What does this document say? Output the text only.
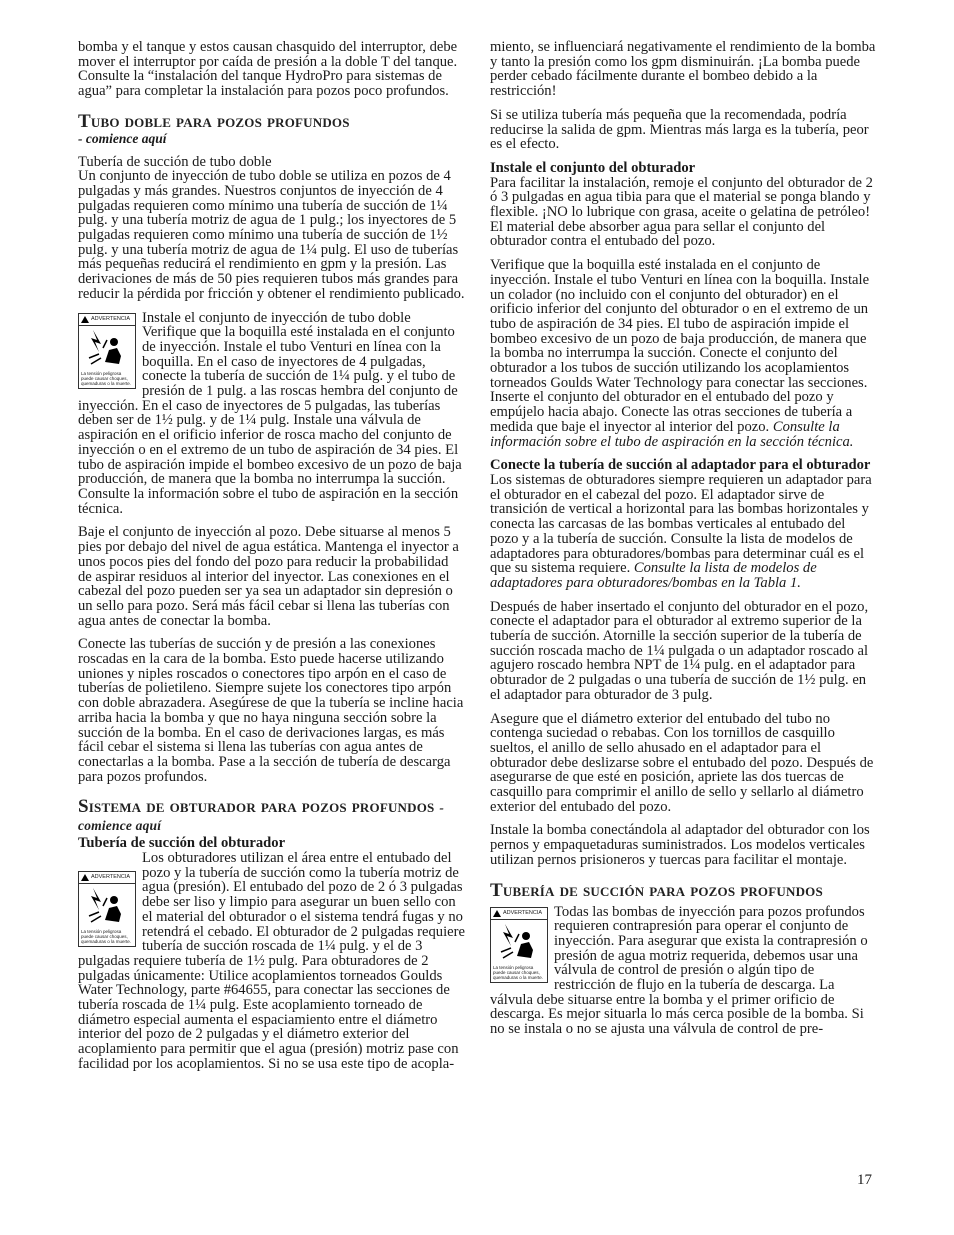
bomba y el tanque y estos causan chasquido del interruptor, debe mover el interruptor por caída de presión a la doble T del tanque. Consulte la “instalación del tanque HydroPro para sistemas de agua” para completar la instalación para pozos poco profundos.

Tubo doble para pozos profundos
- comience aquí

Tubería de succión de tubo doble

Un conjunto de inyección de tubo doble se utiliza en pozos de 4 pulgadas y más grandes. Nuestros conjuntos de inyección de 4 pulgadas requieren como mínimo una tubería de succión de 1¼ pulg. y una tubería motriz de agua de 1 pulg.; los inyectores de 5 pulgadas requieren como mínimo una tubería de succión de 1½ pulg. y una tubería motriz de agua de 1¼ pulg. El uso de tuberías más pequeñas reducirá el rendimiento en gpm y la presión. Las derivaciones de más de 50 pies requieren tubos más grandes para reducir la pérdida por fricción y obtener el rendimiento publicado.

ADVERTENCIA
La tensión peligrosa puede causar choques, quemaduras o la muerte.

Instale el conjunto de inyección de tubo doble Verifique que la boquilla esté instalada en el conjunto de inyección. Instale el tubo Venturi en línea con la boquilla. En el caso de inyectores de 4 pulgadas, conecte la tubería de succión de 1¼ pulg. y el tubo de presión de 1 pulg. a las roscas hembra del conjunto de inyección. En el caso de inyectores de 5 pulgadas, las tuberías deben ser de 1½ pulg. y de 1¼ pulg. Instale una válvula de aspiración en el orificio inferior de rosca macho del conjunto de inyección o en el extremo de un tubo de aspiración de 34 pies. El tubo de aspiración impide el bombeo excesivo de un pozo de baja producción, de manera que la bomba no interrumpa la succión. Consulte la información sobre el tubo de aspiración en la sección técnica.

Baje el conjunto de inyección al pozo. Debe situarse al menos 5 pies por debajo del nivel de agua estática. Mantenga el inyector a unos pocos pies del fondo del pozo para reducir la probabilidad de aspirar residuos al interior del inyector. Las conexiones en el cabezal del pozo pueden ser ya sea un adaptador sin depresión o un sello para pozo. Será más fácil cebar si llena las tuberías con agua antes de conectar la bomba.

Conecte las tuberías de succión y de presión a las conexiones roscadas en la cara de la bomba. Esto puede hacerse utilizando uniones y niples roscados o conectores tipo arpón en el caso de tuberías de polietileno. Siempre sujete los conectores tipo arpón con doble abrazadera. Asegúrese de que la tubería se incline hacia arriba hacia la bomba y que no haya ninguna sección sobre la succión de la bomba. En el caso de derivaciones largas, es más fácil cebar el sistema si llena las tuberías con agua antes de conectarlas a la bomba. Pase a la sección de tubería de descarga para pozos profundos.

Sistema de obturador para pozos profundos - comience aquí

Tubería de succión del obturador

ADVERTENCIA
La tensión peligrosa puede causar choques, quemaduras o la muerte.

Los obturadores utilizan el área entre el entubado del pozo y la tubería de succión como la tubería motriz de agua (presión). El entubado del pozo de 2 ó 3 pulgadas debe ser liso y limpio para asegurar un buen sello con el material del obturador o el sistema tendrá fugas y no retendrá el cebado. El obturador de 2 pulgadas requiere tubería de succión roscada de 1¼ pulg. y el de 3 pulgadas requiere tubería de 1½ pulg. Para obturadores de 2 pulgadas únicamente: Utilice acoplamientos torneados Goulds Water Technology, parte #64655, para conectar las secciones de tubería roscada de 1¼ pulg. Este acoplamiento torneado de diámetro especial aumenta el espaciamiento entre el diámetro interior del pozo de 2 pulgadas y el diámetro exterior del acoplamiento para permitir que el agua (presión) motriz pase con facilidad por los acoplamientos. Si no se usa este tipo de acopla-

miento, se influenciará negativamente el rendimiento de la bomba y tanto la presión como los gpm disminuirán. ¡La bomba puede perder cebado fácilmente durante el bombeo debido a la restricción!

Si se utiliza tubería más pequeña que la recomendada, podría reducirse la salida de gpm. Mientras más larga es la tubería, peor es el efecto.

Instale el conjunto del obturador

Para facilitar la instalación, remoje el conjunto del obturador de 2 ó 3 pulgadas en agua tibia para que el material se ponga blando y flexible. ¡NO lo lubrique con grasa, aceite o gelatina de petróleo! El material debe absorber agua para sellar el conjunto del obturador contra el entubado del pozo.

Verifique que la boquilla esté instalada en el conjunto de inyección. Instale el tubo Venturi en línea con la boquilla. Instale un colador (no incluido con el conjunto del obturador) en el orificio inferior del conjunto del obturador o en el extremo de un tubo de aspiración de 34 pies. El tubo de aspiración impide el bombeo excesivo de un pozo de baja producción, de manera que la bomba no interrumpa la succión. Conecte el conjunto del obturador a los tubos de succión utilizando los acoplamientos torneados Goulds Water Technology para conectar las secciones. Inserte el conjunto del obturador en el entubado del pozo y empújelo hacia abajo. Conecte las otras secciones de tubería a medida que baje el inyector al interior del pozo. Consulte la información sobre el tubo de aspiración en la sección técnica.

Conecte la tubería de succión al adaptador para el obturador

Los sistemas de obturadores siempre requieren un adaptador para el obturador en el cabezal del pozo. El adaptador sirve de transición de vertical a horizontal para las bombas horizontales y conecta las carcasas de las bombas verticales al entubado del pozo y a la tubería de succión. Consulte la lista de modelos de adaptadores para obturadores/bombas para determinar cuál es el que su sistema requiere. Consulte la lista de modelos de adaptadores para obturadores/bombas en la Tabla 1.

Después de haber insertado el conjunto del obturador en el pozo, conecte el adaptador para el obturador al extremo superior de la tubería de succión. Atornille la sección superior de la tubería de succión roscada macho de 1¼ pulgada o un adaptador roscado al agujero roscado hembra NPT de 1¼ pulg. en el adaptador para obturador de 2 pulgadas o una tubería de succión de 1½ pulg. en el adaptador para obturador de 3 pulg.

Asegure que el diámetro exterior del entubado del tubo no contenga suciedad o rebabas. Con los tornillos de casquillo sueltos, el anillo de sello ahusado en el adaptador para el obturador debe deslizarse sobre el entubado del pozo. Después de asegurarse de que esté en posición, apriete las dos tuercas de casquillo para comprimir el anillo de sello y sellarlo al diámetro exterior del entubado del pozo.

Instale la bomba conectándola al adaptador del obturador con los pernos y empaquetaduras suministrados. Los modelos verticales utilizan pernos prisioneros y tuercas para facilitar el montaje.

Tubería de succión para pozos profundos
ADVERTENCIA
La tensión peligrosa puede causar choques, quemaduras o la muerte.

Todas las bombas de inyección para pozos profundos requieren contrapresión para operar el conjunto de inyección. Para asegurar que exista la contrapresión o presión de agua motriz requerida, debemos usar una válvula de control de presión o algún tipo de restricción de flujo en la tubería de descarga. La válvula debe situarse entre la bomba y el primer orificio de descarga. Es mejor situarla lo más cerca posible de la bomba. Si no se instala o no se ajusta una válvula de control de pre-

17
